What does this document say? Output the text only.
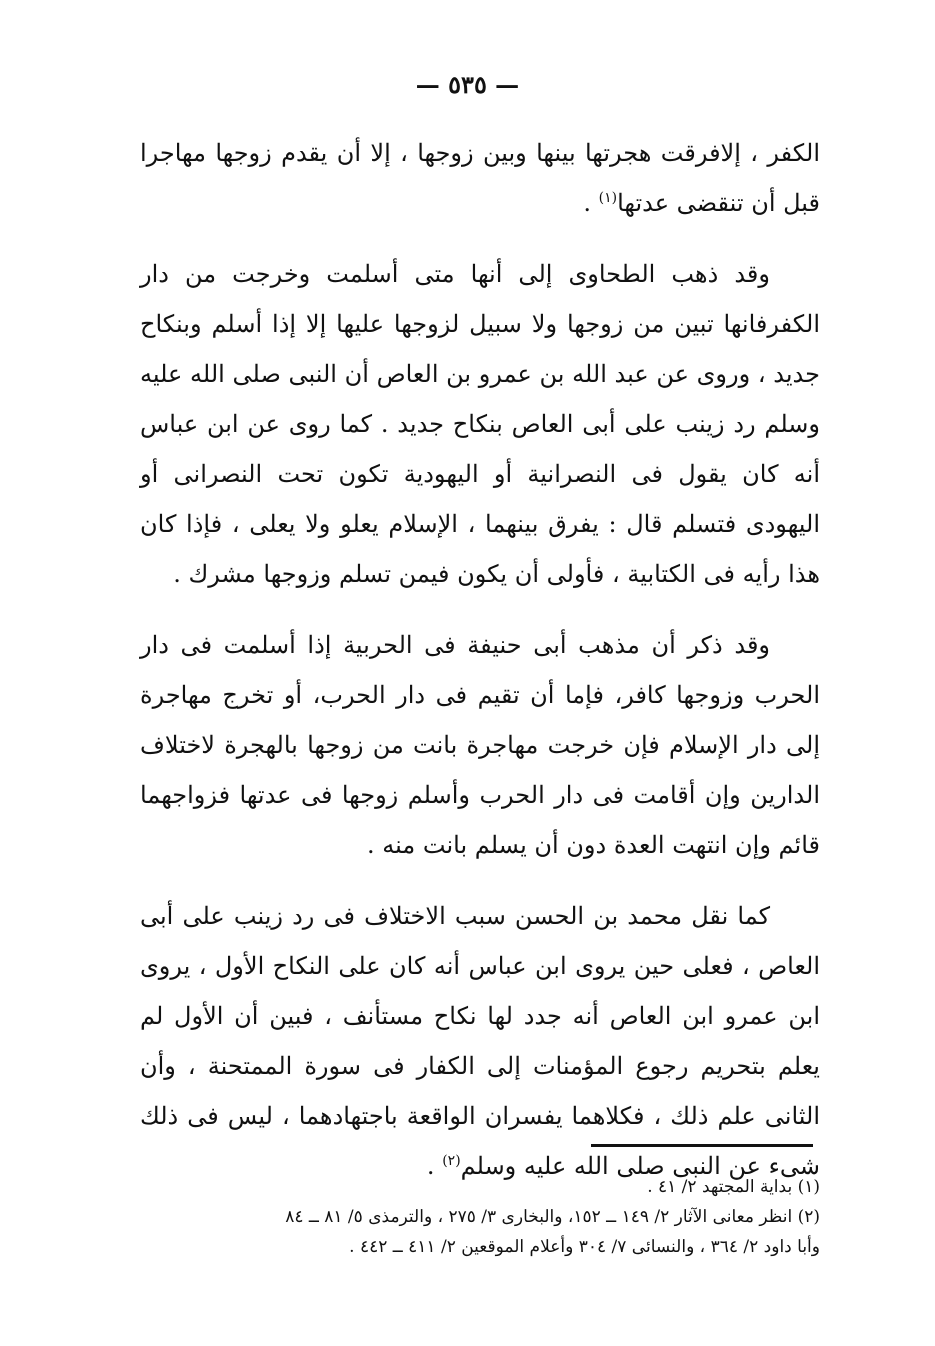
— ٥٣٥ —

الكفر ، إلافرقت هجرتها بينها وبين زوجها ، إلا أن يقدم زوجها مهاجرا قبل أن تنقضى عدتها$^{(١)}$ .

وقد ذهب الطحاوى إلى أنها متى أسلمت وخرجت من دار الكفرفانها تبين من زوجها ولا سبيل لزوجها عليها إلا إذا أسلم وبنكاح جديد ، وروى عن عبد الله بن عمرو بن العاص أن النبى صلى الله عليه وسلم رد زينب على أبى العاص بنكاح جديد . كما روى عن ابن عباس أنه كان يقول فى النصرانية أو اليهودية تكون تحت النصرانى أو اليهودى فتسلم قال : يفرق بينهما ، الإسلام يعلو ولا يعلى ، فإذا كان هذا رأيه فى الكتابية ، فأولى أن يكون فيمن تسلم وزوجها مشرك .

وقد ذكر أن مذهب أبى حنيفة فى الحربية إذا أسلمت فى دار الحرب وزوجها كافر، فإما أن تقيم فى دار الحرب، أو تخرج مهاجرة إلى دار الإسلام فإن خرجت مهاجرة بانت من زوجها بالهجرة لاختلاف الدارين وإن أقامت فى دار الحرب وأسلم زوجها فى عدتها فزواجهما قائم وإن انتهت العدة دون أن يسلم بانت منه .

كما نقل محمد بن الحسن سبب الاختلاف فى رد زينب على أبى العاص ، فعلى حين يروى ابن عباس أنه كان على النكاح الأول ، يروى ابن عمرو ابن العاص أنه جدد لها نكاح مستأنف ، فبين أن الأول لم يعلم بتحريم رجوع المؤمنات إلى الكفار فى سورة الممتحنة ، وأن الثانى علم ذلك ، فكلاهما يفسران الواقعة باجتهادهما ، ليس فى ذلك شىء عن النبى صلى الله عليه وسلم$^{(٢)}$ .

(١) بداية المجتهد ٢/ ٤١ .

(٢) انظر معانى الآثار ٢/ ١٤٩ ــ ١٥٢، والبخارى ٣/ ٢٧٥ ، والترمذى ٥/ ٨١ ــ ٨٤

وأبا داود ٢/ ٣٦٤ ، والنسائى ٧/ ٣٠٤ وأعلام الموقعين ٢/ ٤١١ ــ ٤٤٢ .
